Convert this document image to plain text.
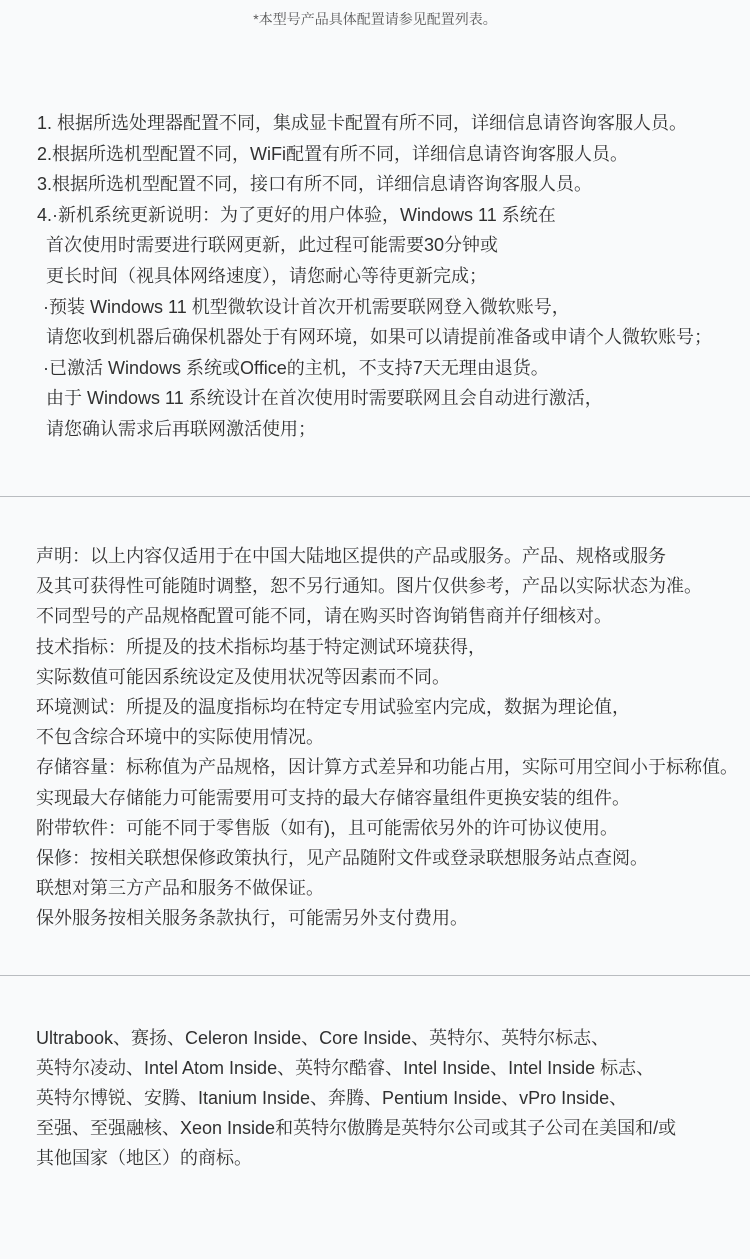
*本型号产品具体配置请参见配置列表。
1. 根据所选处理器配置不同，集成显卡配置有所不同，详细信息请咨询客服人员。
2.根据所选机型配置不同，WiFi配置有所不同，详细信息请咨询客服人员。
3.根据所选机型配置不同，接口有所不同，详细信息请咨询客服人员。
4.·新机系统更新说明：为了更好的用户体验，Windows 11 系统在
首次使用时需要进行联网更新，此过程可能需要30分钟或
更长时间（视具体网络速度），请您耐心等待更新完成；
·预装 Windows 11 机型微软设计首次开机需要联网登入微软账号，
请您收到机器后确保机器处于有网环境，如果可以请提前准备或申请个人微软账号；
·已激活 Windows 系统或Office的主机，不支持7天无理由退货。
由于 Windows 11 系统设计在首次使用时需要联网且会自动进行激活，
请您确认需求后再联网激活使用；
声明：以上内容仅适用于在中国大陆地区提供的产品或服务。产品、规格或服务
及其可获得性可能随时调整，恕不另行通知。图片仅供参考，产品以实际状态为准。
不同型号的产品规格配置可能不同，请在购买时咨询销售商并仔细核对。
技术指标：所提及的技术指标均基于特定测试环境获得，
实际数值可能因系统设定及使用状况等因素而不同。
环境测试：所提及的温度指标均在特定专用试验室内完成，数据为理论值，
不包含综合环境中的实际使用情况。
存储容量：标称值为产品规格，因计算方式差异和功能占用，实际可用空间小于标称值。
实现最大存储能力可能需要用可支持的最大存储容量组件更换安装的组件。
附带软件：可能不同于零售版（如有)，且可能需依另外的许可协议使用。
保修：按相关联想保修政策执行，见产品随附文件或登录联想服务站点查阅。
联想对第三方产品和服务不做保证。
保外服务按相关服务条款执行，可能需另外支付费用。
Ultrabook、赛扬、Celeron Inside、Core Inside、英特尔、英特尔标志、
英特尔凌动、Intel Atom Inside、英特尔酷睿、Intel Inside、Intel Inside 标志、
英特尔博锐、安腾、Itanium Inside、奔腾、Pentium Inside、vPro Inside、
至强、至强融核、Xeon Inside和英特尔傲腾是英特尔公司或其子公司在美国和/或
其他国家（地区）的商标。
